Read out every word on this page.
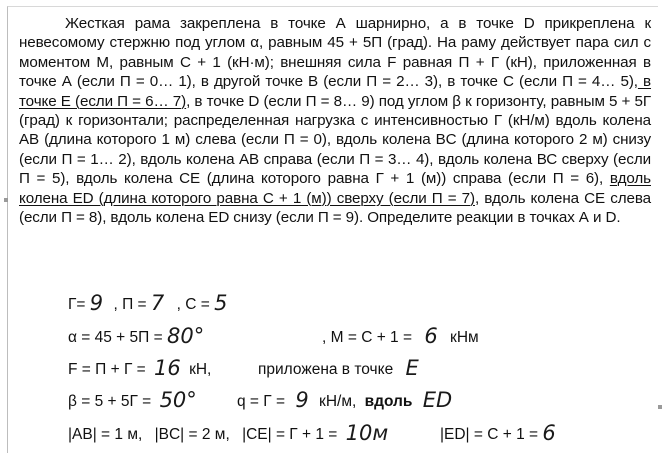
Жесткая рама закреплена в точке А шарнирно, а в точке D прикреплена к невесомому стержню под углом α, равным 45 + 5П (град). На раму действует пара сил с моментом M, равным C + 1 (кН·м); внешняя сила F равная П + Г (кН), приложенная в точке А (если П = 0… 1), в другой точке B (если П = 2… 3), в точке С (если П = 4… 5), в точке Е (если П = 6… 7), в точке D (если П = 8… 9) под углом β к горизонту, равным 5 + 5Г (град) к горизонтали; распределенная нагрузка с интенсивностью Г (кН/м) вдоль колена AB (длина которого 1 м) слева (если П = 0), вдоль колена BC (длина которого 2 м) снизу (если П = 1… 2), вдоль колена AB справа (если П = 3… 4), вдоль колена ВС сверху (если П = 5), вдоль колена CE (длина которого равна Г + 1 (м)) справа (если П = 6), вдоль колена ED (длина которого равна С + 1 (м)) сверху (если П = 7), вдоль колена CE слева (если П = 8), вдоль колена ED снизу (если П = 9). Определите реакции в точках А и D.

Г= 9 , П = 7 , С = 5
α = 45 + 5П = 80°	, M = C + 1 = 6 кНм
F = П + Г = 16 кН,	приложена в точке E
β = 5 + 5Г = 50°	q = Г = 9 кН/м, вдоль ED
|AB| = 1 м, |BC| = 2 м, |CE| = Г + 1 = 10м	|ED| = C + 1 = 6
